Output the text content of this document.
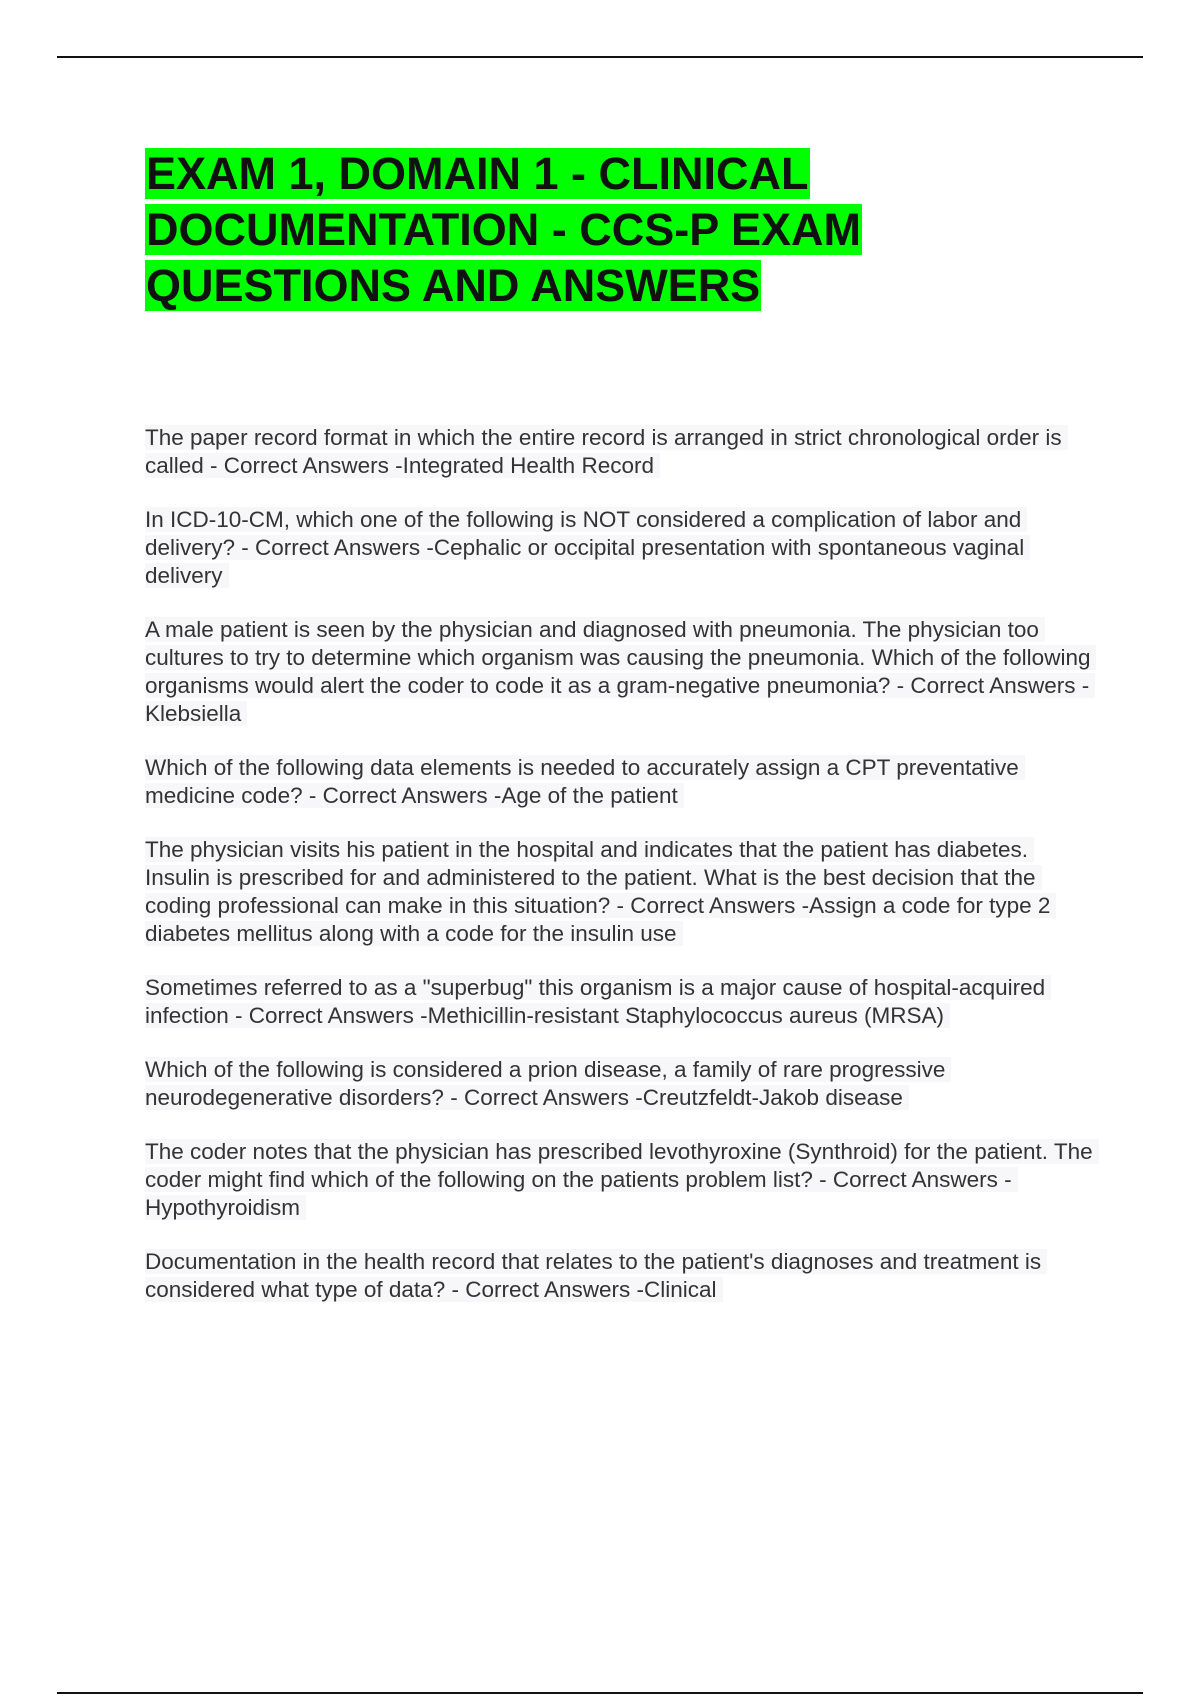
EXAM 1, DOMAIN 1 - CLINICAL DOCUMENTATION - CCS-P EXAM QUESTIONS AND ANSWERS
The paper record format in which the entire record is arranged in strict chronological order is called - Correct Answers -Integrated Health Record
In ICD-10-CM, which one of the following is NOT considered a complication of labor and delivery? - Correct Answers -Cephalic or occipital presentation with spontaneous vaginal delivery
A male patient is seen by the physician and diagnosed with pneumonia. The physician too cultures to try to determine which organism was causing the pneumonia. Which of the following organisms would alert the coder to code it as a gram-negative pneumonia? - Correct Answers -Klebsiella
Which of the following data elements is needed to accurately assign a CPT preventative medicine code? - Correct Answers -Age of the patient
The physician visits his patient in the hospital and indicates that the patient has diabetes. Insulin is prescribed for and administered to the patient. What is the best decision that the coding professional can make in this situation? - Correct Answers -Assign a code for type 2 diabetes mellitus along with a code for the insulin use
Sometimes referred to as a "superbug" this organism is a major cause of hospital-acquired infection - Correct Answers -Methicillin-resistant Staphylococcus aureus (MRSA)
Which of the following is considered a prion disease, a family of rare progressive neurodegenerative disorders? - Correct Answers -Creutzfeldt-Jakob disease
The coder notes that the physician has prescribed levothyroxine (Synthroid) for the patient. The coder might find which of the following on the patients problem list? - Correct Answers -Hypothyroidism
Documentation in the health record that relates to the patient's diagnoses and treatment is considered what type of data? - Correct Answers -Clinical
